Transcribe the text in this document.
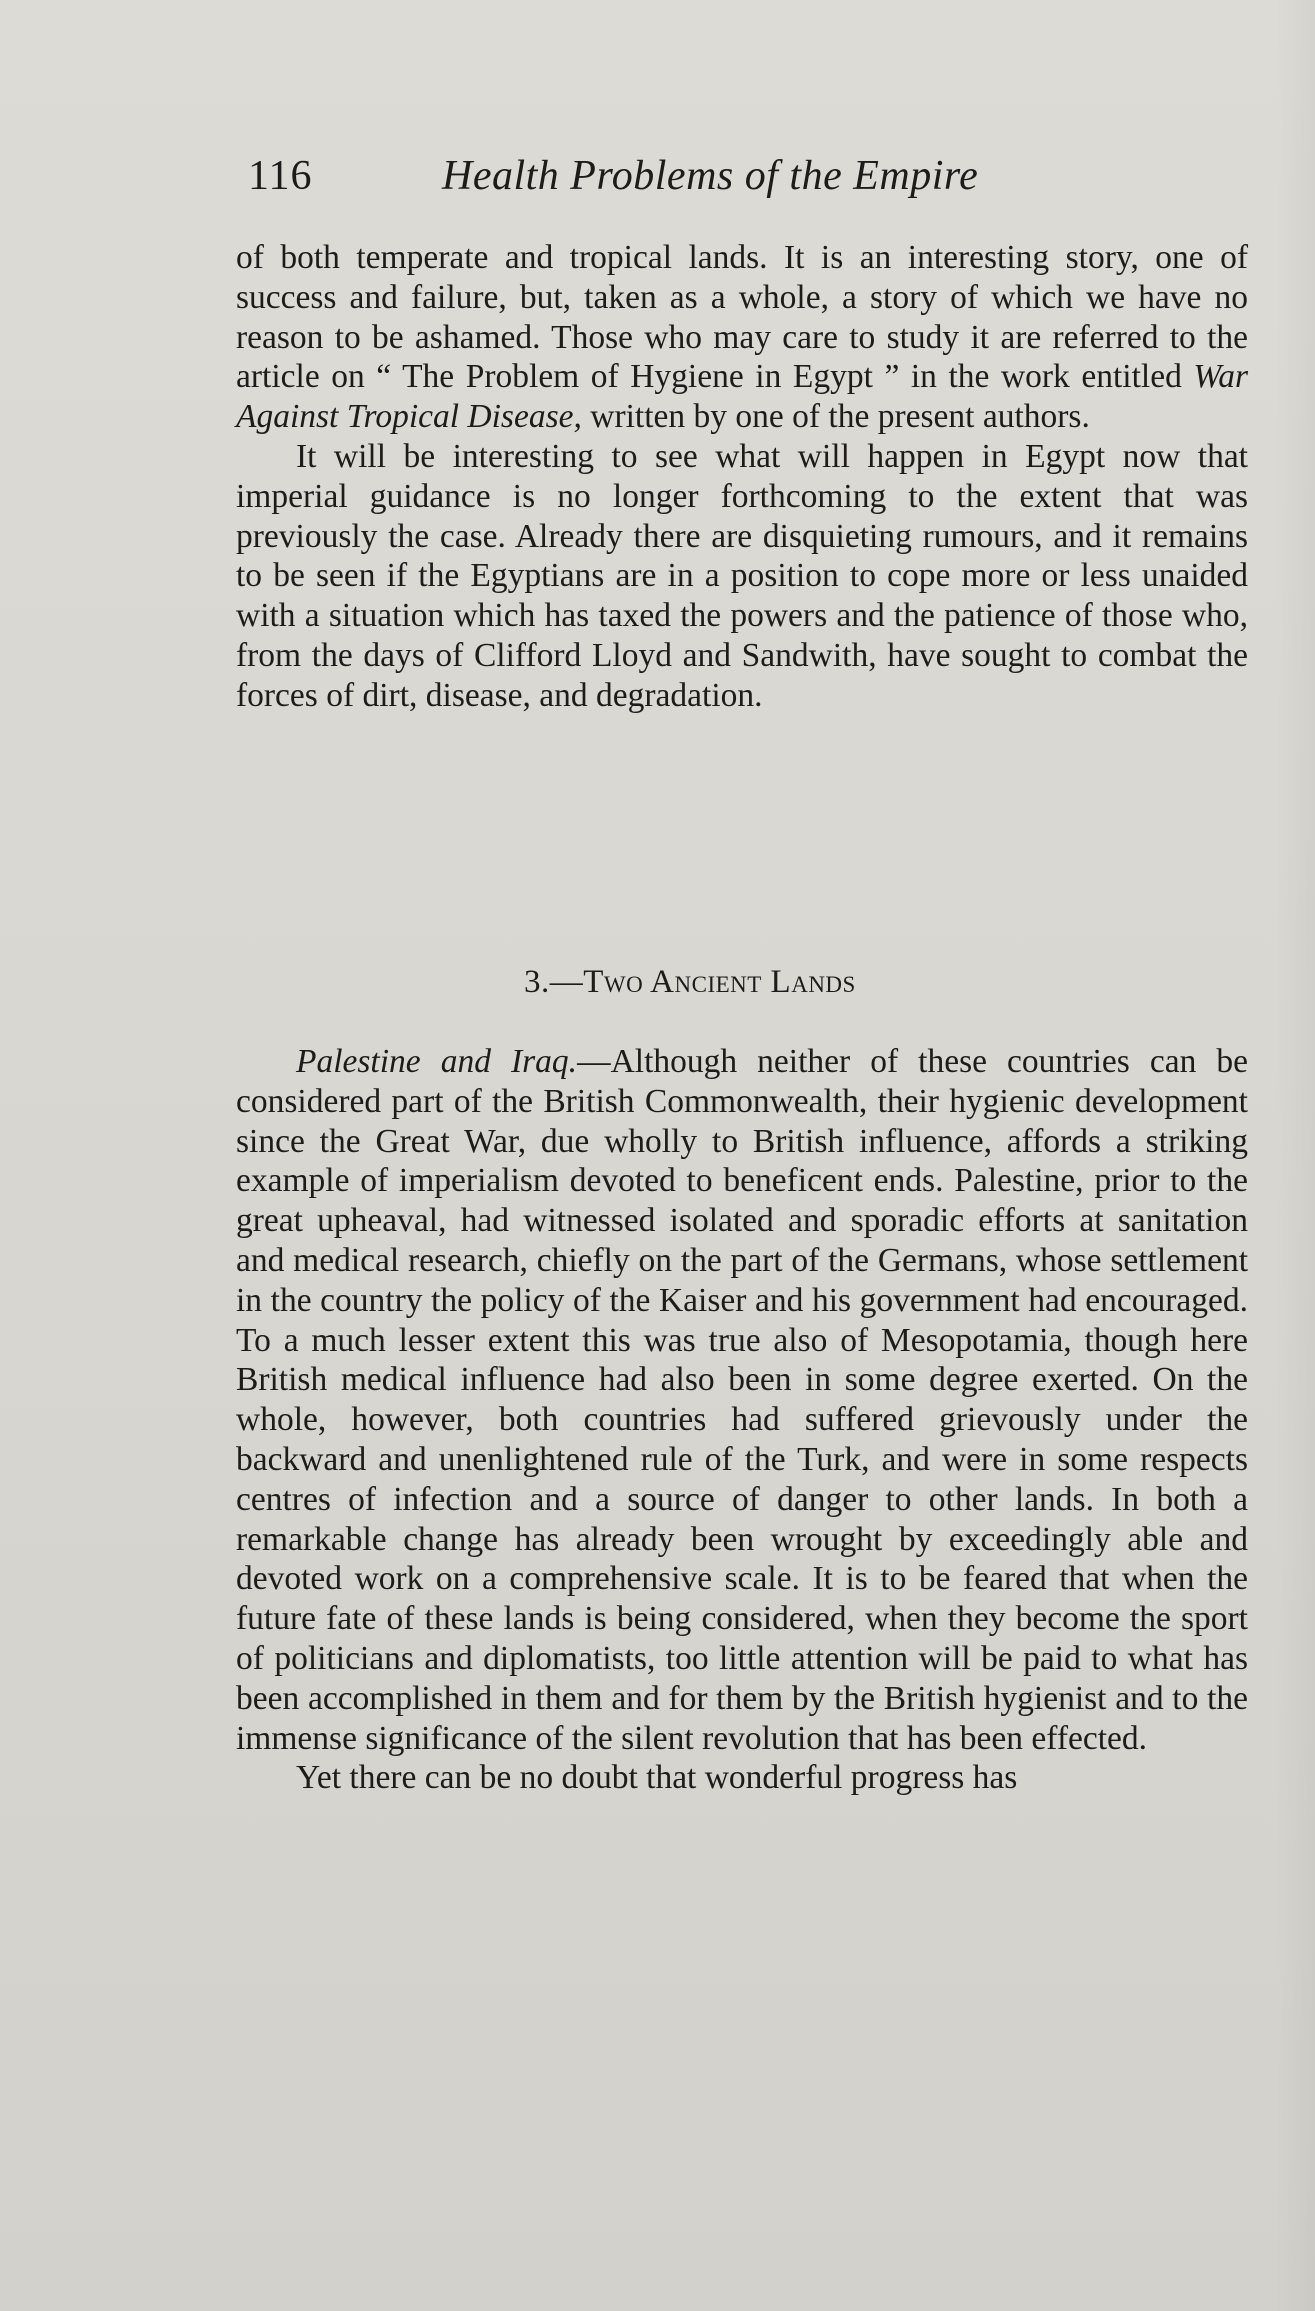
116	Health Problems of the Empire

of both temperate and tropical lands. It is an interesting story, one of success and failure, but, taken as a whole, a story of which we have no reason to be ashamed. Those who may care to study it are referred to the article on “ The Problem of Hygiene in Egypt ” in the work entitled War Against Tropical Disease, written by one of the present authors.

It will be interesting to see what will happen in Egypt now that imperial guidance is no longer forthcoming to the extent that was previously the case. Already there are disquieting rumours, and it remains to be seen if the Egyptians are in a position to cope more or less unaided with a situation which has taxed the powers and the patience of those who, from the days of Clifford Lloyd and Sandwith, have sought to combat the forces of dirt, disease, and degradation.

3.—Two Ancient Lands

Palestine and Iraq.—Although neither of these countries can be considered part of the British Commonwealth, their hygienic development since the Great War, due wholly to British influence, affords a striking example of imperialism devoted to beneficent ends. Palestine, prior to the great upheaval, had witnessed isolated and sporadic efforts at sanitation and medical research, chiefly on the part of the Germans, whose settlement in the country the policy of the Kaiser and his government had encouraged. To a much lesser extent this was true also of Mesopotamia, though here British medical influence had also been in some degree exerted. On the whole, however, both countries had suffered grievously under the backward and unenlightened rule of the Turk, and were in some respects centres of infection and a source of danger to other lands. In both a remarkable change has already been wrought by exceedingly able and devoted work on a comprehensive scale. It is to be feared that when the future fate of these lands is being considered, when they become the sport of politicians and diplomatists, too little attention will be paid to what has been accomplished in them and for them by the British hygienist and to the immense significance of the silent revolution that has been effected.

Yet there can be no doubt that wonderful progress has
